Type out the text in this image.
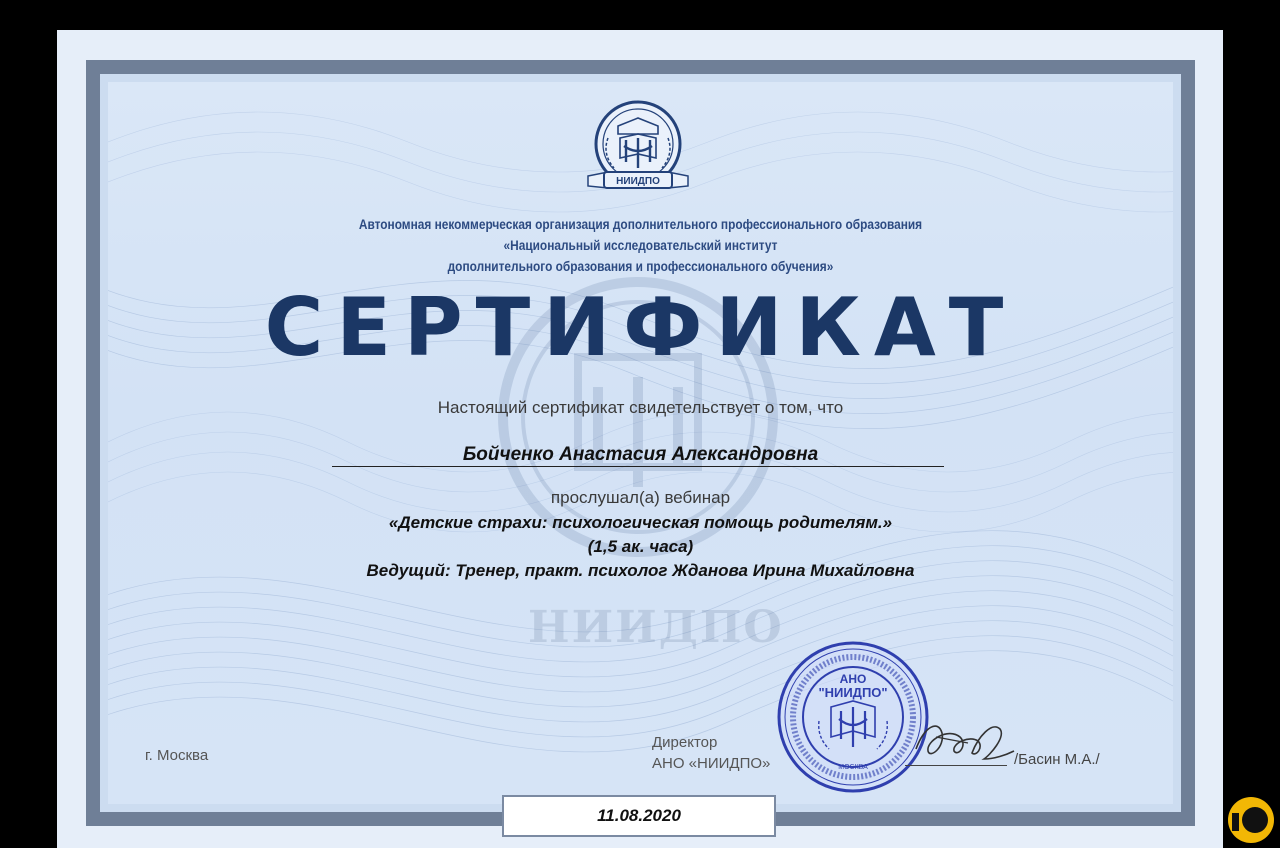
НИИДПО
НИИДПО
Автономная некоммерческая организация дополнительного профессионального образования
«Национальный исследовательский институт
дополнительного образования и профессионального обучения»
СЕРТИФИКАТ
Настоящий сертификат свидетельствует о том, что
Бойченко Анастасия Александровна
прослушал(а) вебинар
«Детские страхи: психологическая помощь родителям.»
(1,5 ак. часа)
Ведущий: Тренер, практ. психолог Жданова Ирина Михайловна
г. Москва
Директор
АНО «НИИДПО»
АНО
"НИИДПО"
МОСКВА	/Басин М.А./
11.08.2020
